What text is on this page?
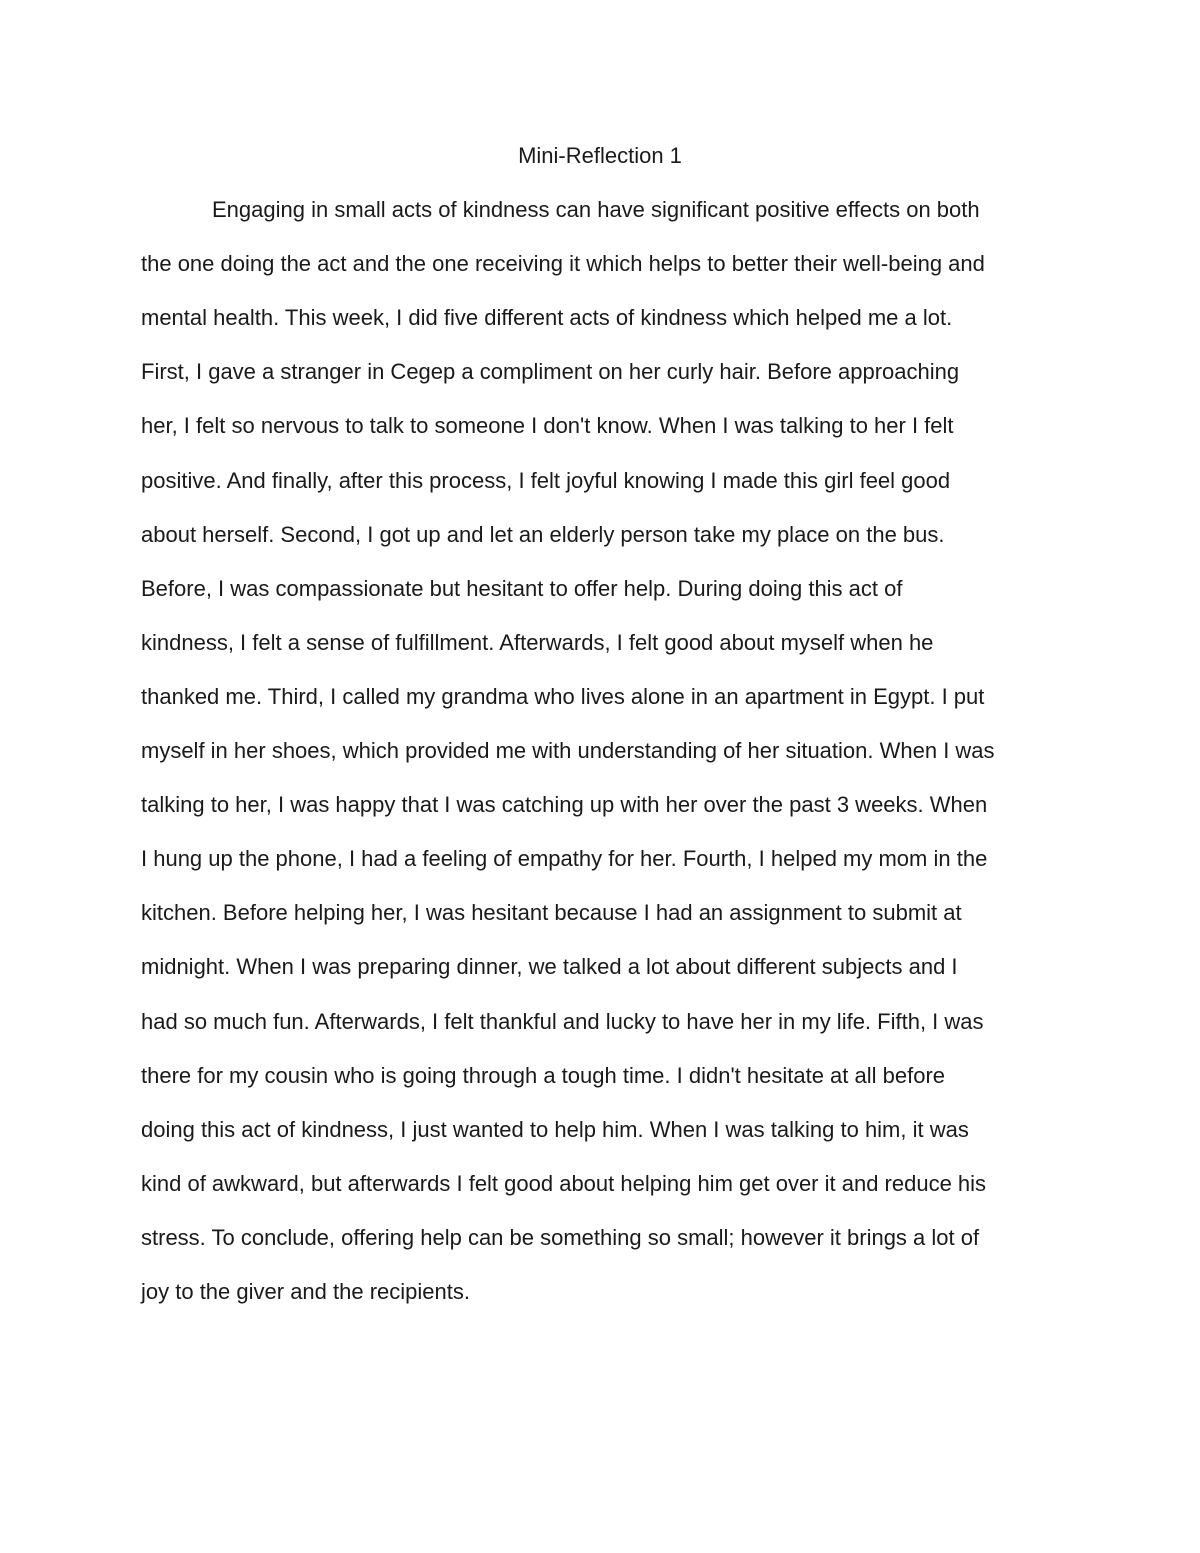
Mini-Reflection 1
Engaging in small acts of kindness can have significant positive effects on both
the one doing the act and the one receiving it which helps to better their well-being and
mental health. This week, I did five different acts of kindness which helped me a lot.
First, I gave a stranger in Cegep a compliment on her curly hair. Before approaching
her, I felt so nervous to talk to someone I don't know. When I was talking to her I felt
positive. And finally, after this process, I felt joyful knowing I made this girl feel good
about herself. Second, I got up and let an elderly person take my place on the bus.
Before, I was compassionate but hesitant to offer help. During doing this act of
kindness, I felt a sense of fulfillment. Afterwards, I felt good about myself when he
thanked me. Third, I called my grandma who lives alone in an apartment in Egypt. I put
myself in her shoes, which provided me with understanding of her situation. When I was
talking to her, I was happy that I was catching up with her over the past 3 weeks. When
I hung up the phone, I had a feeling of empathy for her. Fourth, I helped my mom in the
kitchen. Before helping her, I was hesitant because I had an assignment to submit at
midnight. When I was preparing dinner, we talked a lot about different subjects and I
had so much fun. Afterwards, I felt thankful and lucky to have her in my life. Fifth, I was
there for my cousin who is going through a tough time. I didn't hesitate at all before
doing this act of kindness, I just wanted to help him. When I was talking to him, it was
kind of awkward, but afterwards I felt good about helping him get over it and reduce his
stress. To conclude, offering help can be something so small; however it brings a lot of
joy to the giver and the recipients.
